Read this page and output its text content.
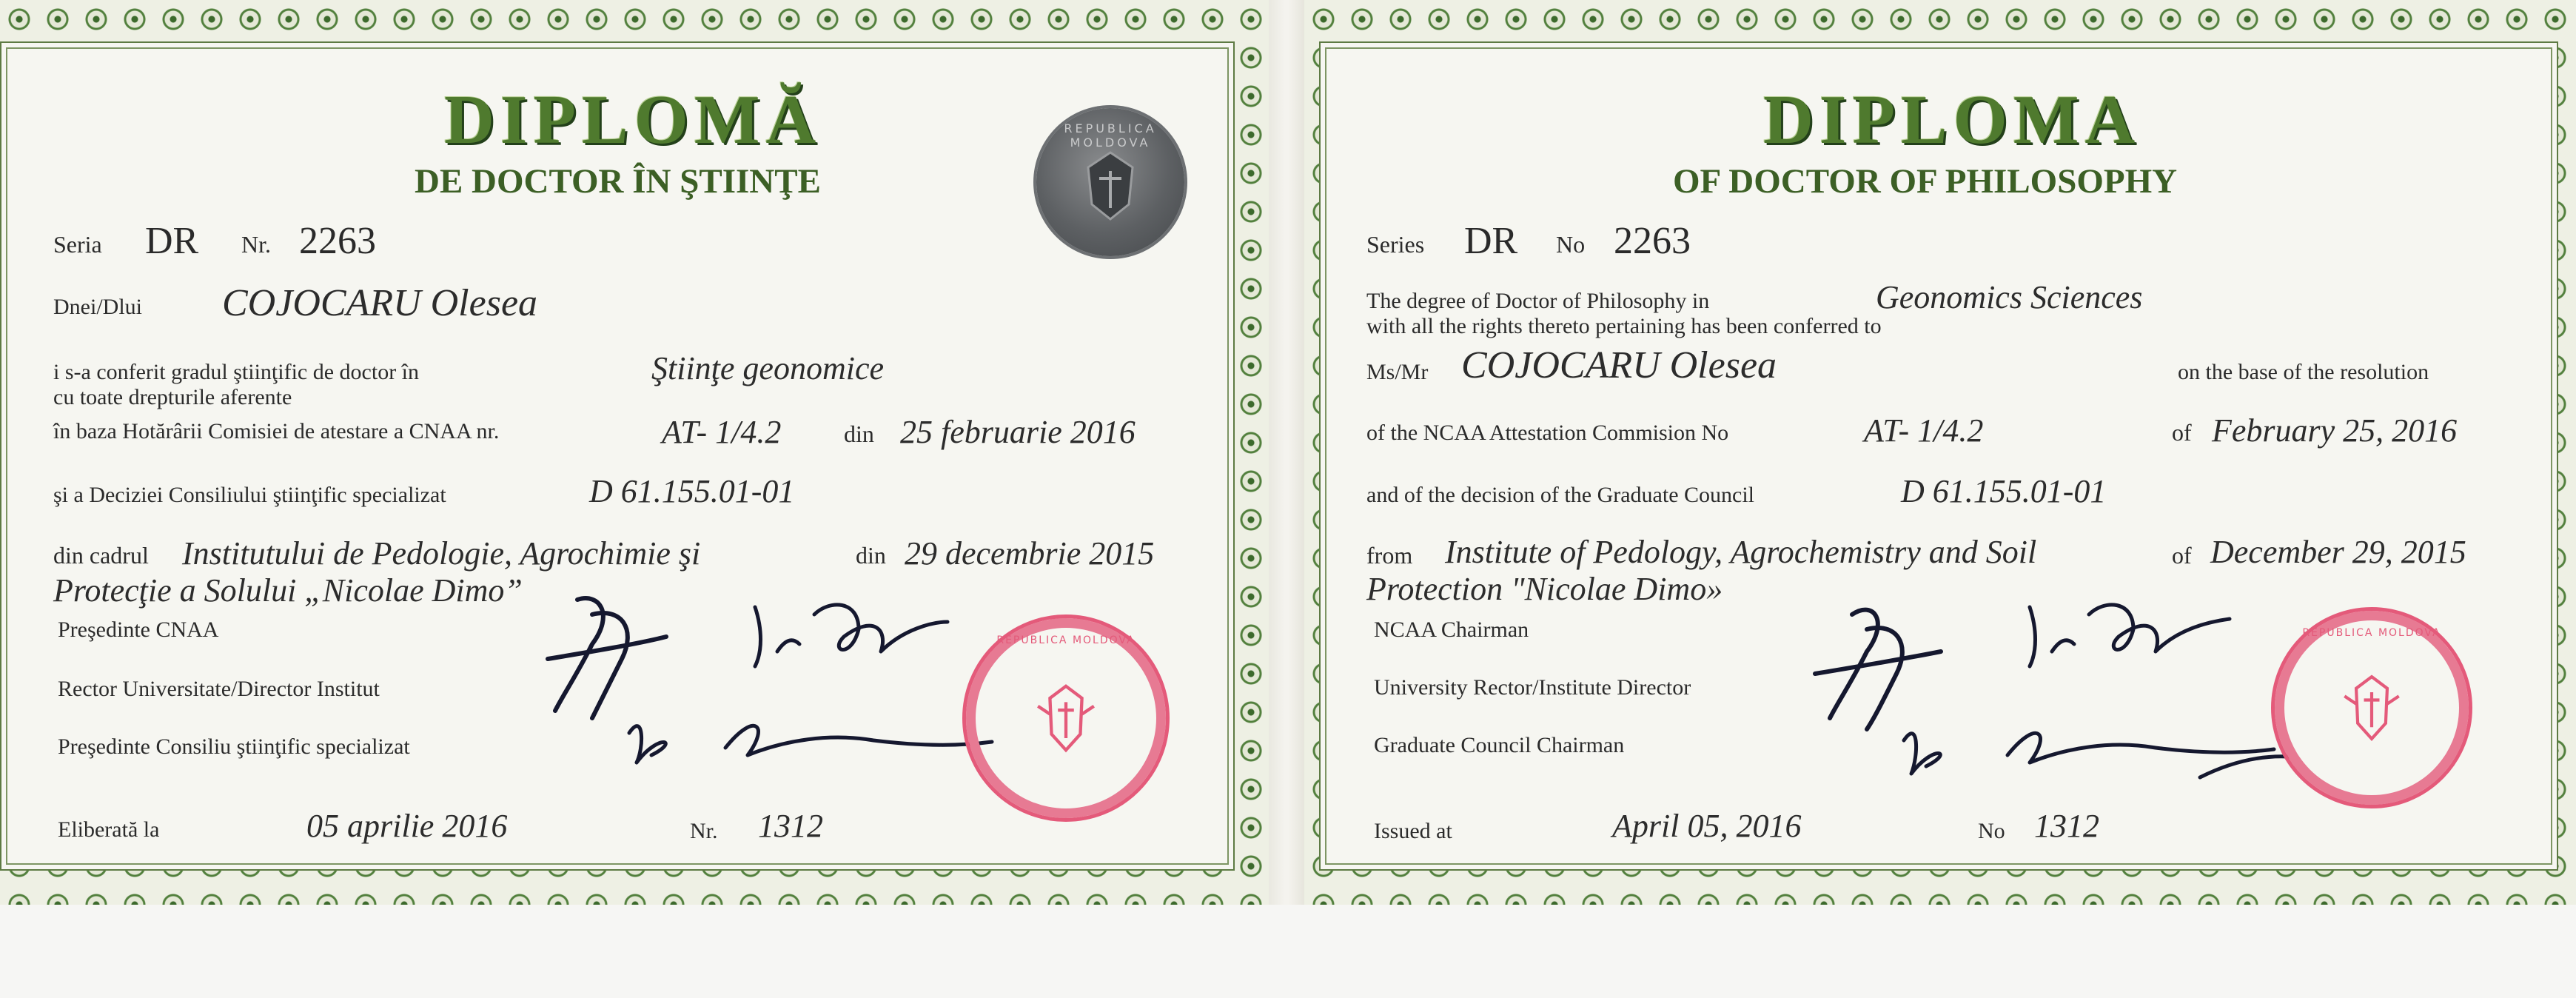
DIPLOMĂ
DE DOCTOR ÎN ŞTIINŢE
REPUBLICA MOLDOVA
Seria DR Nr. 2263
Dnei/Dlui COJOCARU Olesea
i s-a conferit gradul ştiinţific de doctor în
cu toate drepturile aferente
Ştiinţe geonomice
în baza Hotărârii Comisiei de atestare a CNAA nr.	AT- 1/4.2	din 25 februarie 2016
şi a Deciziei Consiliului ştiinţific specializat	D 61.155.01-01
din cadrul Institutului de Pedologie, Agrochimie şi
Protecţie a Solului „Nicolae Dimo”
din 29 decembrie 2015
Preşedinte CNAA
Rector Universitate/Director Institut
Preşedinte Consiliu ştiinţific specializat
REPUBLICA MOLDOVA
Eliberată la	05 aprilie 2016	Nr. 1312
DIPLOMA
OF DOCTOR OF PHILOSOPHY
Series DR No 2263
The degree of Doctor of Philosophy in
with all the rights thereto pertaining has been conferred to
Geonomics Sciences
Ms/Mr COJOCARU Olesea	on the base of the resolution
of the NCAA Attestation Commision No	AT- 1/4.2	of February 25, 2016
and of the decision of the Graduate Council	D 61.155.01-01
from Institute of Pedology, Agrochemistry and Soil
Protection "Nicolae Dimo»
of December 29, 2015
NCAA Chairman
University Rector/Institute Director
Graduate Council Chairman
REPUBLICA MOLDOVA
Issued at	April 05, 2016	No 1312
